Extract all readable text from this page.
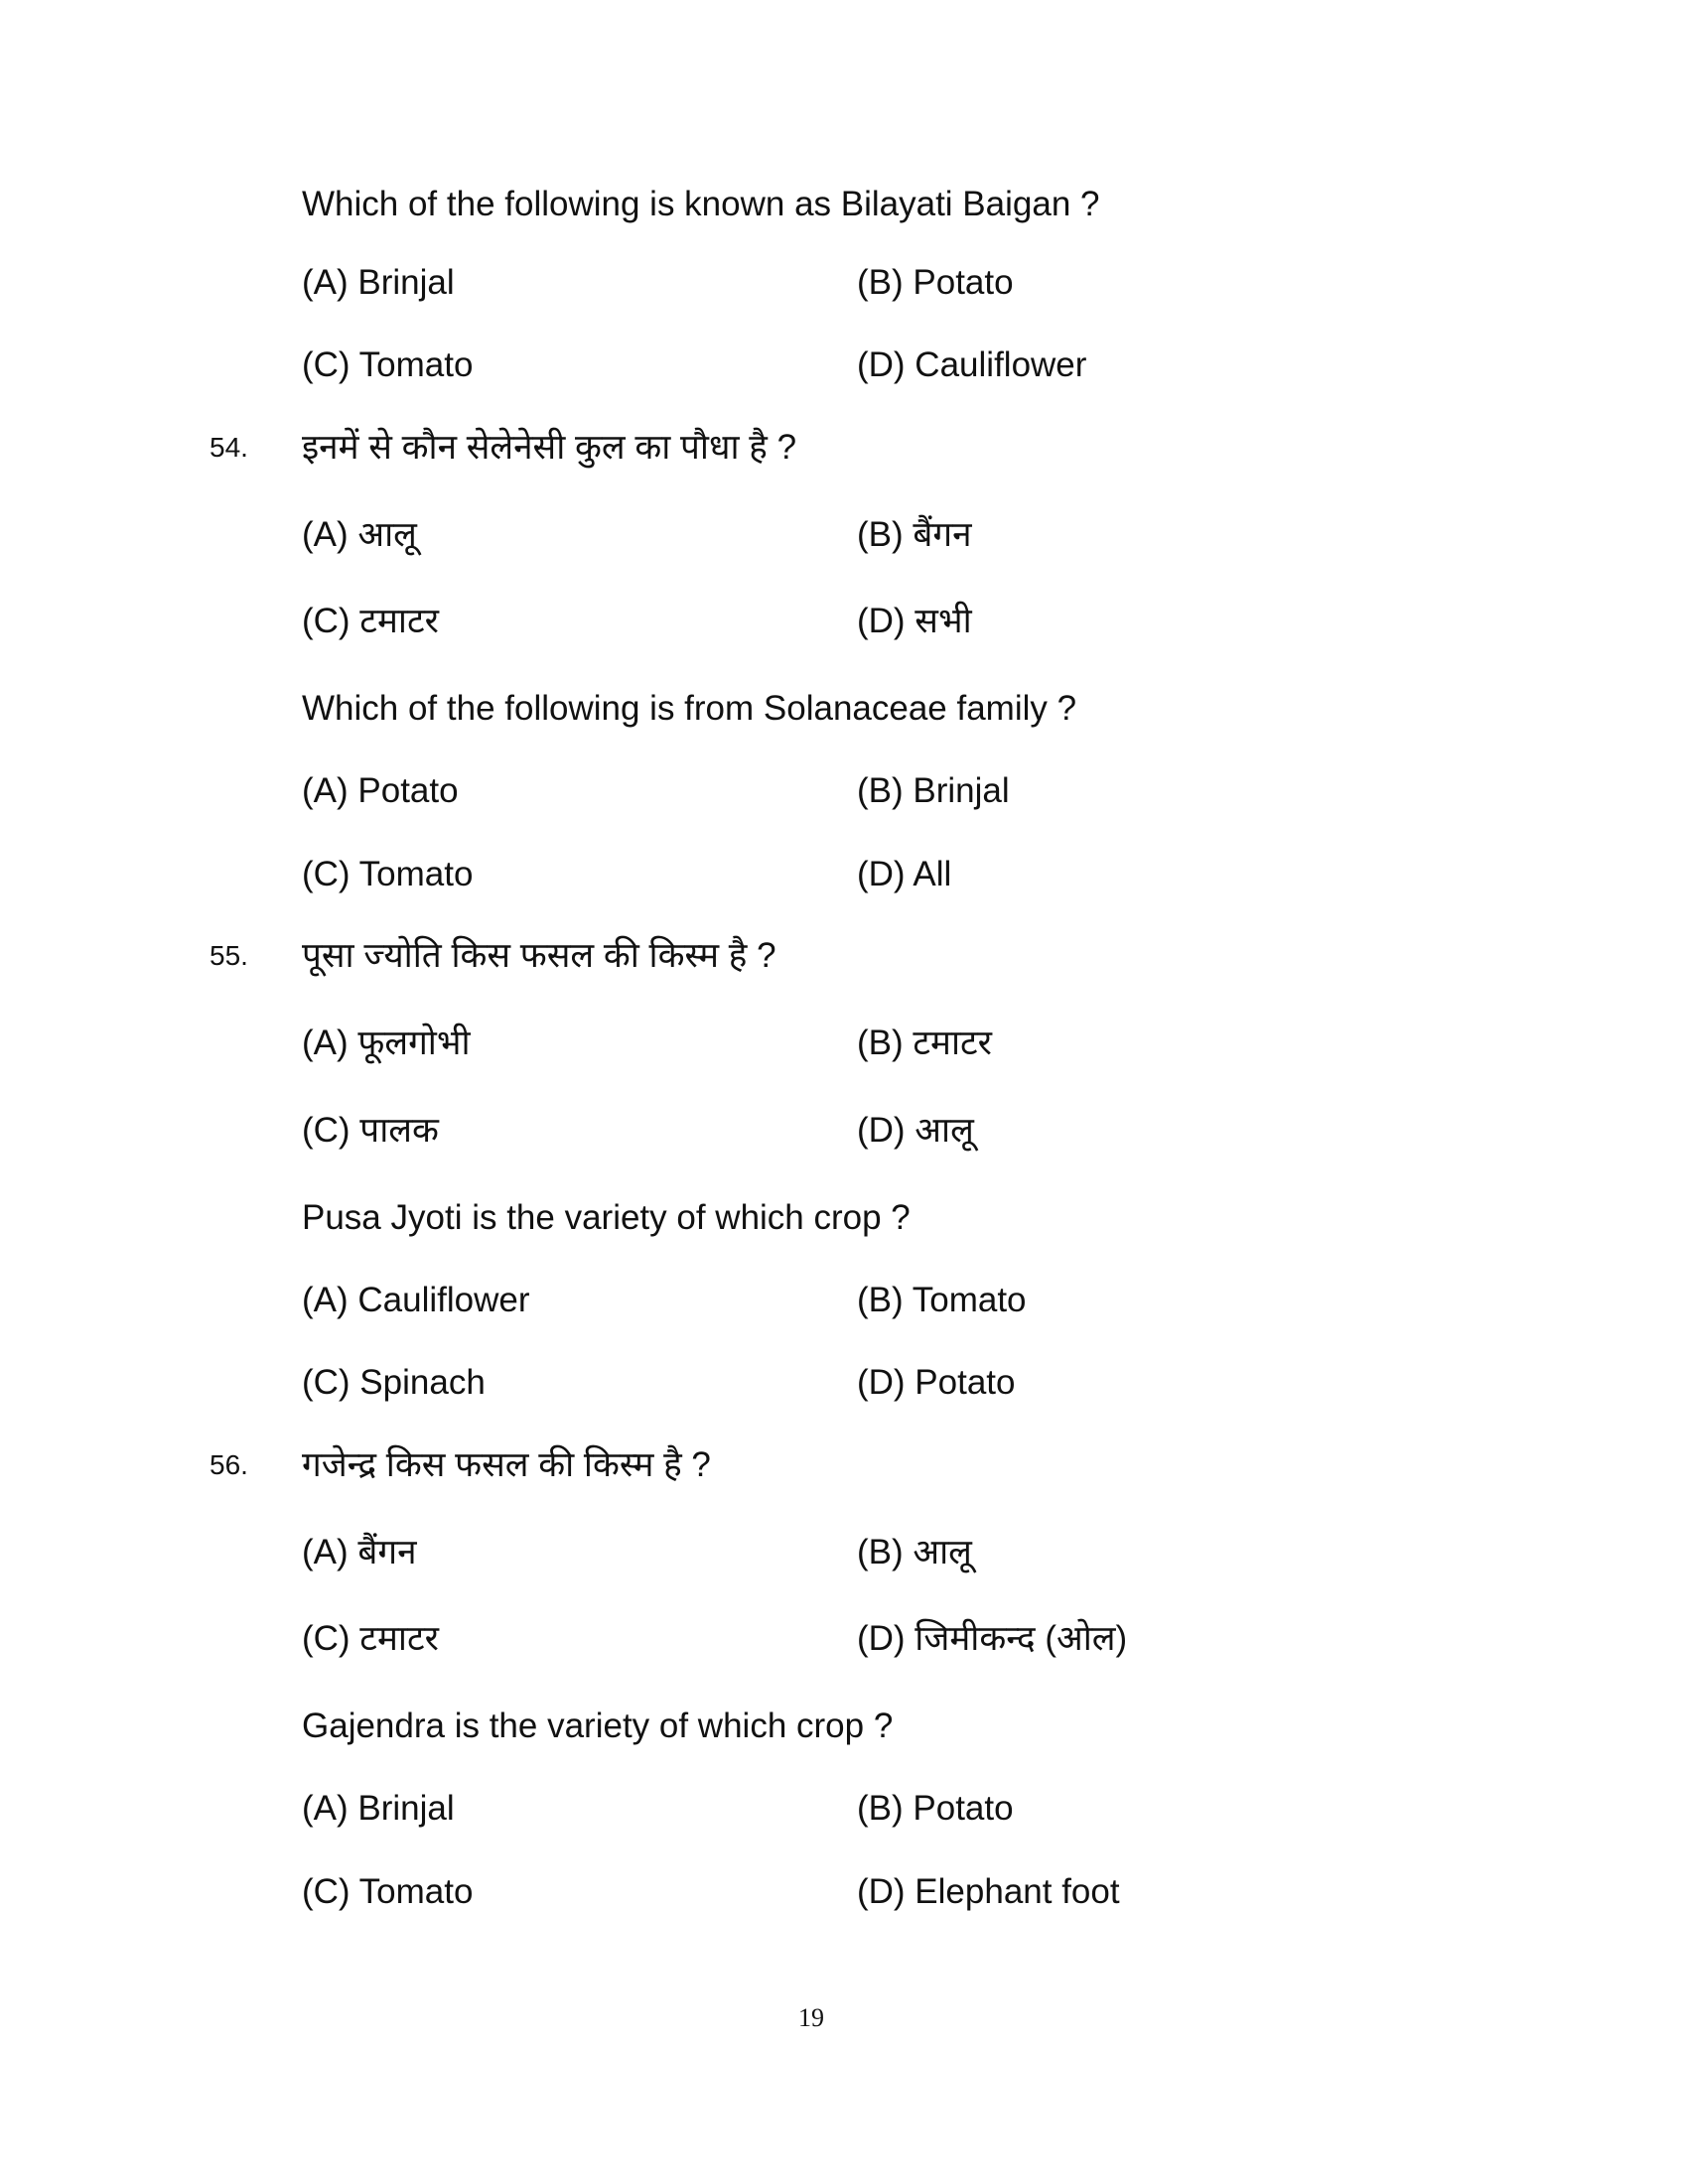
Which of the following is known as Bilayati Baigan ?
(A) Brinjal	(B) Potato
(C) Tomato	(D) Cauliflower
54. इनमें से कौन सेलेनेसी कुल का पौधा है ?
(A) आलू	(B) बैंगन
(C) टमाटर	(D) सभी
Which of the following is from Solanaceae family ?
(A) Potato	(B) Brinjal
(C) Tomato	(D) All
55. पूसा ज्योति किस फसल की किस्म है ?
(A) फूलगोभी	(B) टमाटर
(C) पालक	(D) आलू
Pusa Jyoti is the variety of which crop ?
(A) Cauliflower	(B) Tomato
(C) Spinach	(D) Potato
56. गजेन्द्र किस फसल की किस्म है ?
(A) बैंगन	(B) आलू
(C) टमाटर	(D) जिमीकन्द (ओल)
Gajendra is the variety of which crop ?
(A) Brinjal	(B) Potato
(C) Tomato	(D) Elephant foot
19
